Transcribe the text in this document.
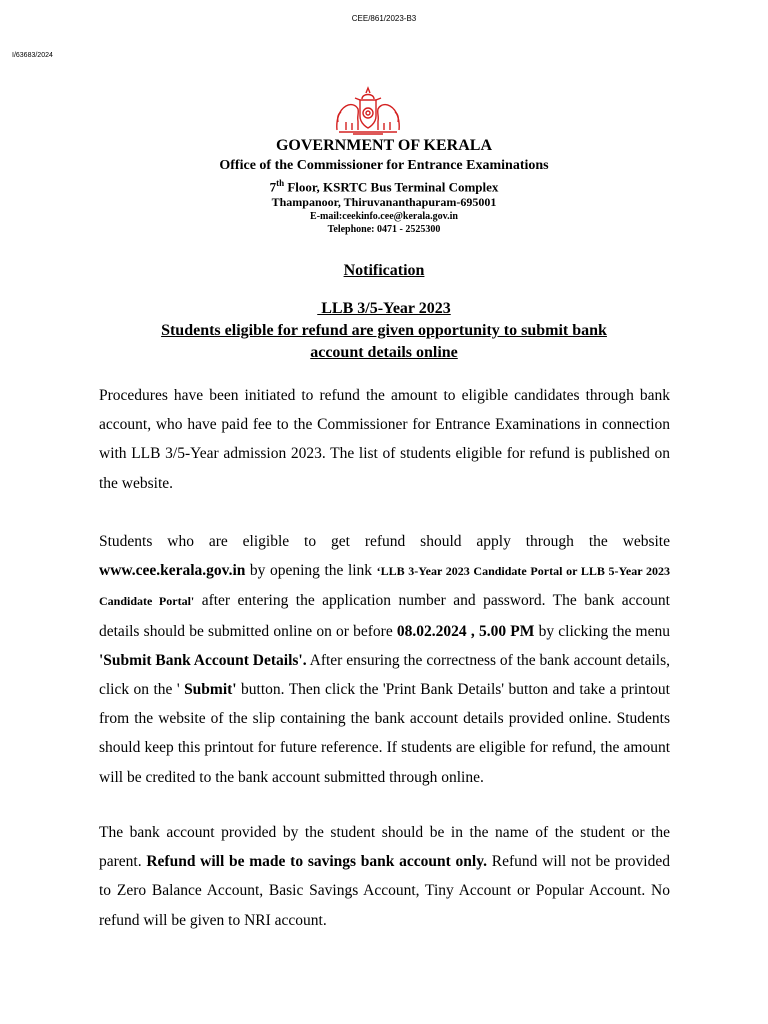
CEE/861/2023-B3
I/63683/2024
GOVERNMENT OF KERALA
Office of the Commissioner for Entrance Examinations
7th Floor, KSRTC Bus Terminal Complex
Thampanoor, Thiruvananthapuram-695001
E-mail:ceekinfo.cee@kerala.gov.in
Telephone: 0471 - 2525300
Notification
LLB 3/5-Year 2023
Students eligible for refund are given opportunity to submit bank
account details online
Procedures have been initiated to refund the amount to eligible candidates through bank account, who have paid fee to the Commissioner for Entrance Examinations in connection with LLB 3/5-Year admission 2023. The list of students eligible for refund is published on the website.
Students who are eligible to get refund should apply through the website www.cee.kerala.gov.in by opening the link ‘LLB 3-Year 2023 Candidate Portal or LLB 5-Year 2023 Candidate Portal' after entering the application number and password. The bank account details should be submitted online on or before 08.02.2024 , 5.00 PM by clicking the menu 'Submit Bank Account Details'. After ensuring the correctness of the bank account details, click on the ' Submit' button. Then click the 'Print Bank Details' button and take a printout from the website of the slip containing the bank account details provided online. Students should keep this printout for future reference. If students are eligible for refund, the amount will be credited to the bank account submitted through online.
The bank account provided by the student should be in the name of the student or the parent. Refund will be made to savings bank account only. Refund will not be provided to Zero Balance Account, Basic Savings Account, Tiny Account or Popular Account. No refund will be given to NRI account.
